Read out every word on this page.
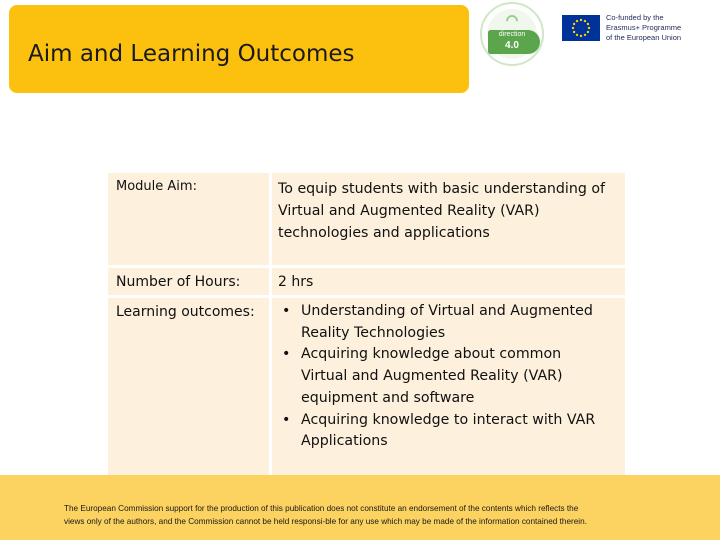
Aim and Learning Outcomes
direction
4.0
Co-funded by the
Erasmus+ Programme
of the European Union
Module Aim:	To equip students with basic understanding of
Virtual and Augmented Reality (VAR)
technologies and applications
Number of Hours:	2 hrs
Learning outcomes: • Understanding of Virtual and Augmented
Reality Technologies
• Acquiring knowledge about common
Virtual and Augmented Reality (VAR)
equipment and software
• Acquiring knowledge to interact with VAR
Applications
The European Commission support for the production of this publication does not constitute an endorsement of the contents which reflects the
views only of the authors, and the Commission cannot be held responsi-ble for any use which may be made of the information contained therein.
